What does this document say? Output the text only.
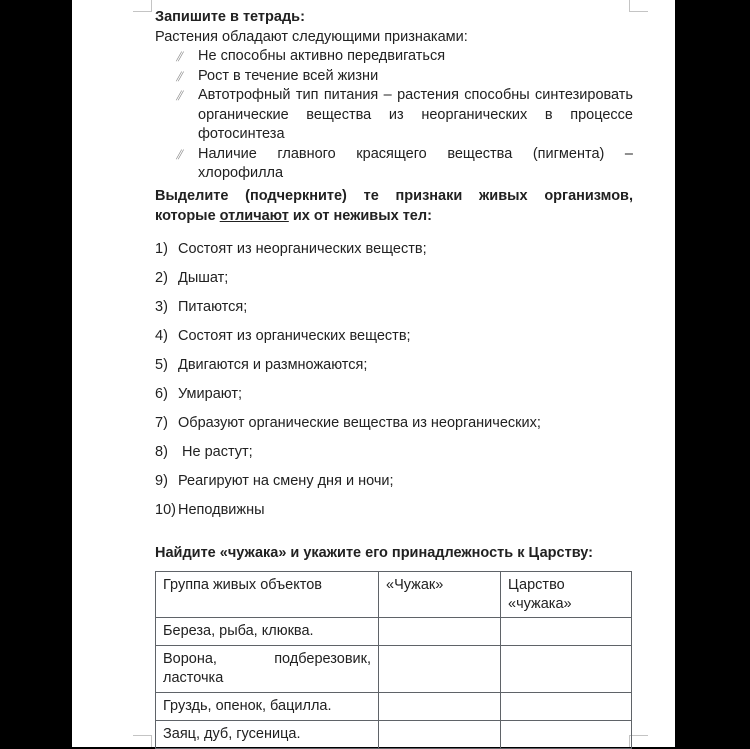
Запишите в тетрадь:
Растения обладают следующими признаками:
⫽ Не способны активно передвигаться
⫽ Рост в течение всей жизни
⫽ Автотрофный тип питания – растения способны синтезировать органические вещества из неорганических в процессе фотосинтеза
⫽ Наличие главного красящего вещества (пигмента) – хлорофилла
Выделите (подчеркните) те признаки живых организмов, которые отличают их от неживых тел:
1) Состоят из неорганических веществ;
2) Дышат;
3) Питаются;
4) Состоят из органических веществ;
5) Двигаются и размножаются;
6) Умирают;
7) Образуют органические вещества из неорганических;
8) Не растут;
9) Реагируют на смену дня и ночи;
10) Неподвижны
Найдите «чужака» и укажите его принадлежность к Царству:
Группа живых объектов	«Чужак»	Царство «чужака»
Береза, рыба, клюква.		
Ворона, подберезовик, ласточка		
Груздь, опенок, бацилла.		
Заяц, дуб, гусеница.		
